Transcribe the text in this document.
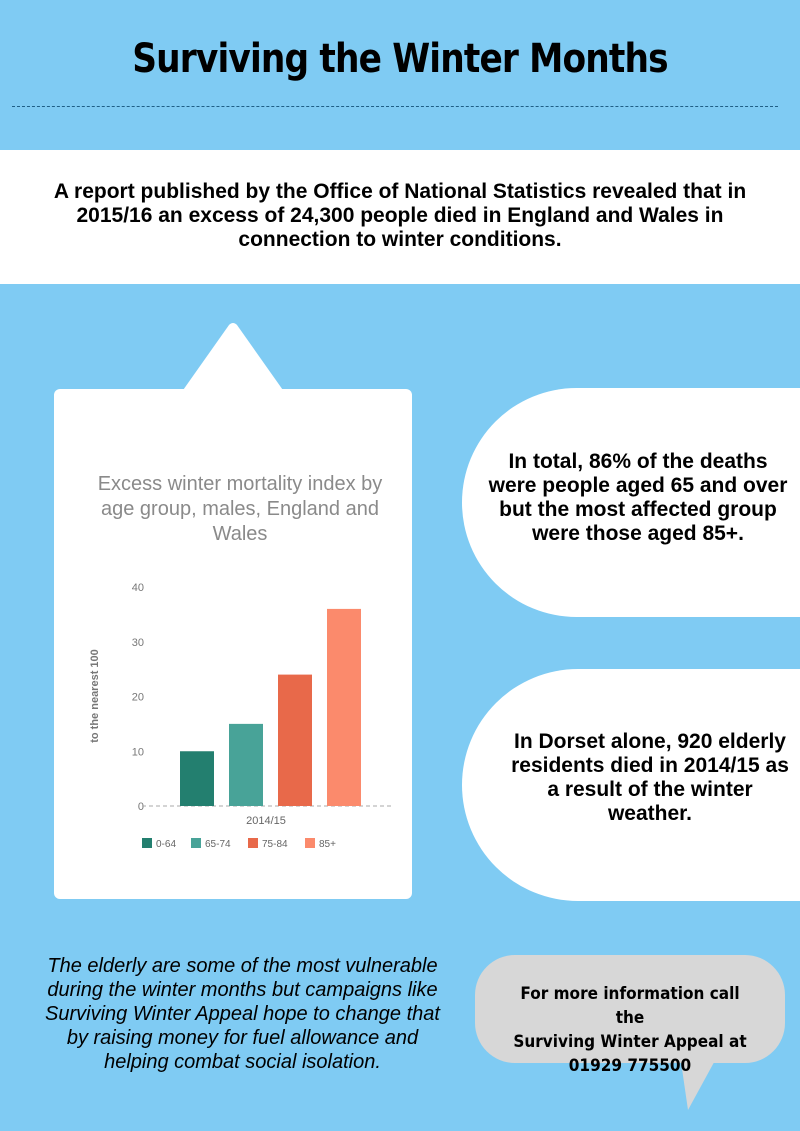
Surviving the Winter Months
A report published by the Office of National Statistics revealed that in 2015/16 an excess of 24,300 people died in England and Wales in connection to winter conditions.
Excess winter mortality index by age group, males, England and Wales
to the nearest 100
0
10
20
30
40
2014/15
0-64	65-74	75-84	85+
In total, 86% of the deaths were people aged 65 and over but the most affected group were those aged 85+.
In Dorset alone, 920 elderly residents died in 2014/15 as a result of the winter weather.
The elderly are some of the most vulnerable during the winter months but campaigns like Surviving Winter Appeal hope to change that by raising money for fuel allowance and helping combat social isolation.
For more information call the
Surviving Winter Appeal at
01929 775500
